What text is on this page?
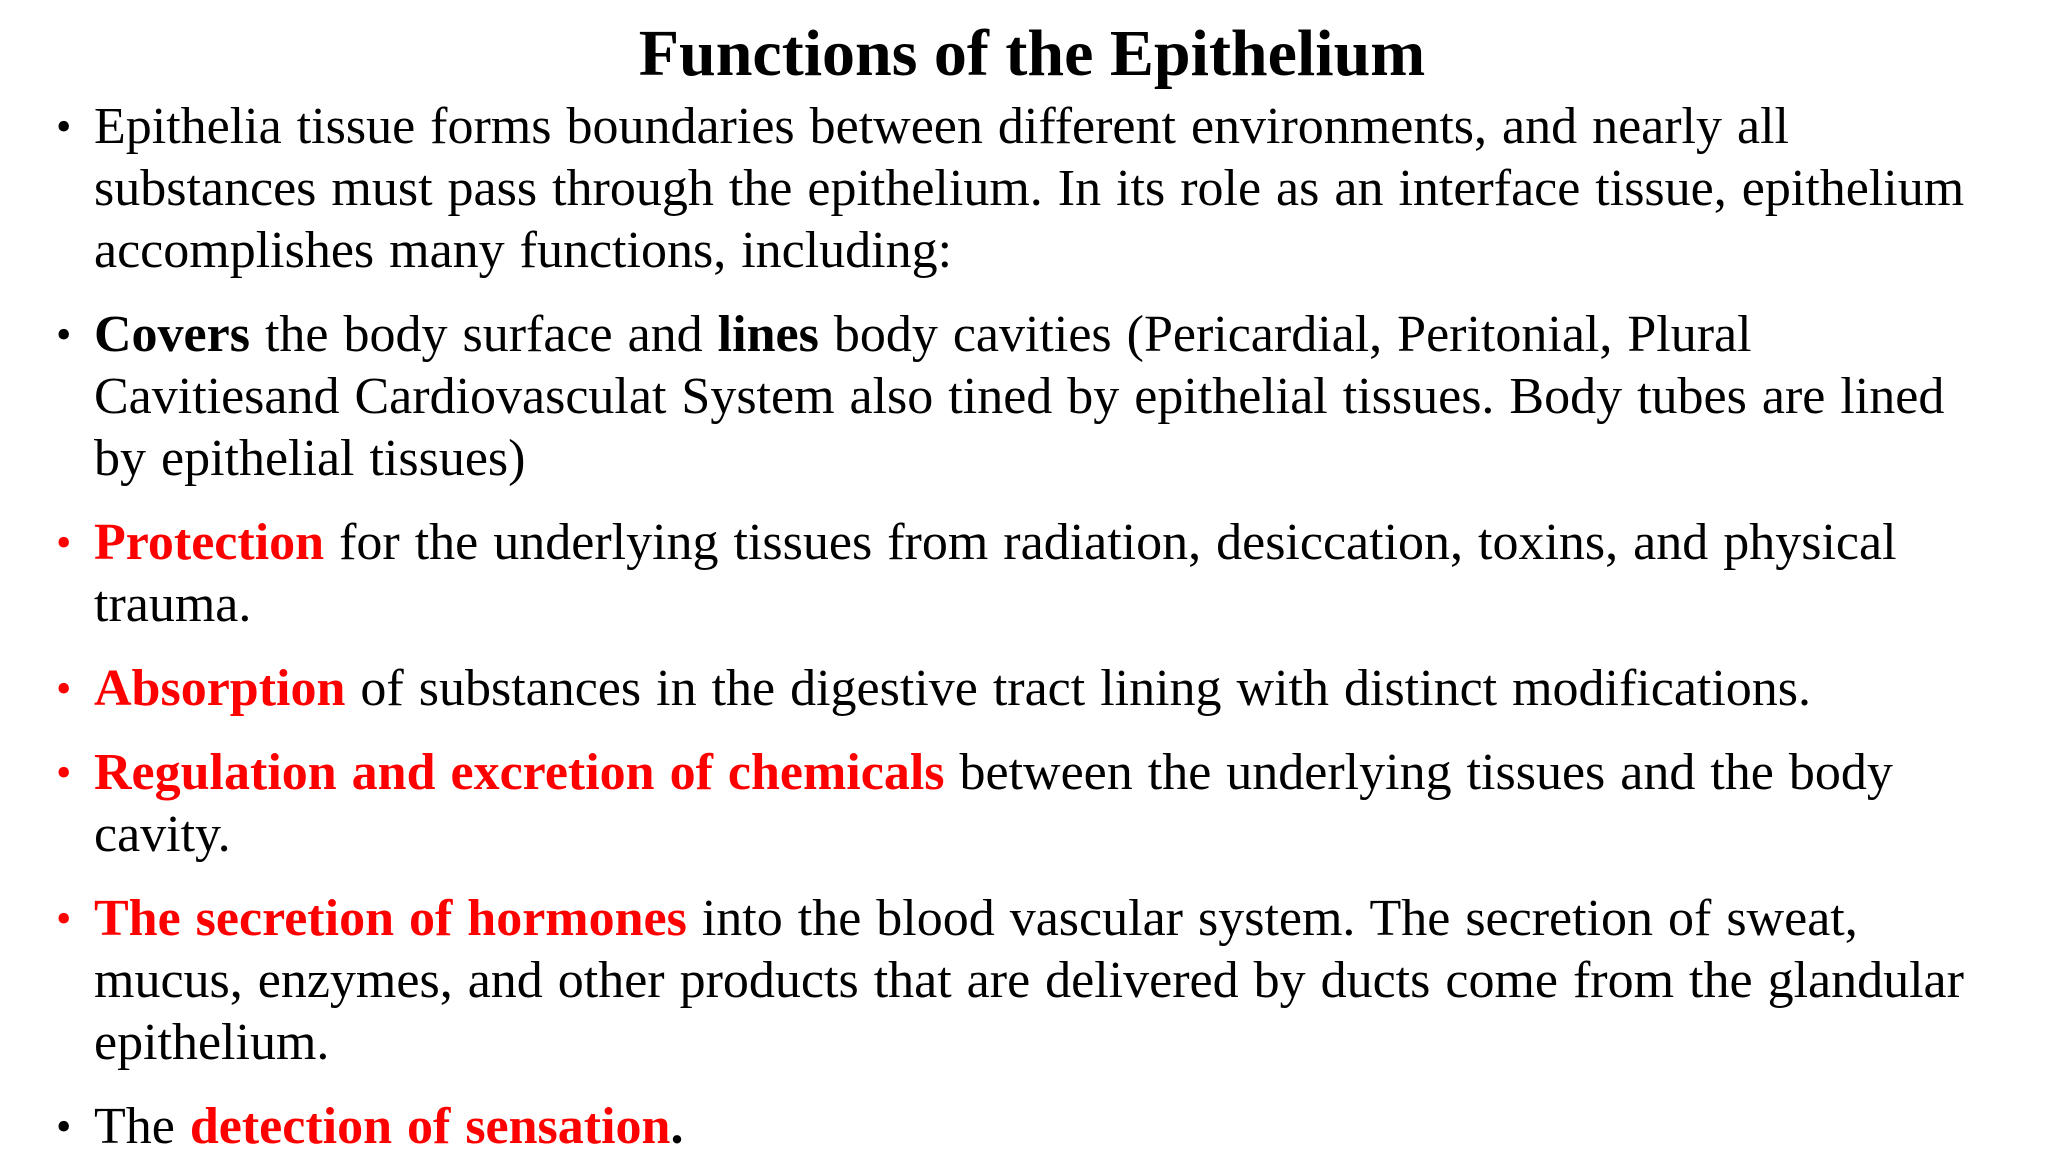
Functions of the Epithelium
• Epithelia tissue forms boundaries between different environments, and nearly all substances must pass through the epithelium. In its role as an interface tissue, epithelium accomplishes many functions, including:
• Covers the body surface and lines body cavities (Pericardial, Peritonial, Plural Cavitiesand Cardiovasculat System also tined by epithelial tissues. Body tubes are lined by epithelial tissues)
• Protection for the underlying tissues from radiation, desiccation, toxins, and physical trauma.
• Absorption of substances in the digestive tract lining with distinct modifications.
• Regulation and excretion of chemicals between the underlying tissues and the body cavity.
• The secretion of hormones into the blood vascular system. The secretion of sweat, mucus, enzymes, and other products that are delivered by ducts come from the glandular epithelium.
• The detection of sensation.
